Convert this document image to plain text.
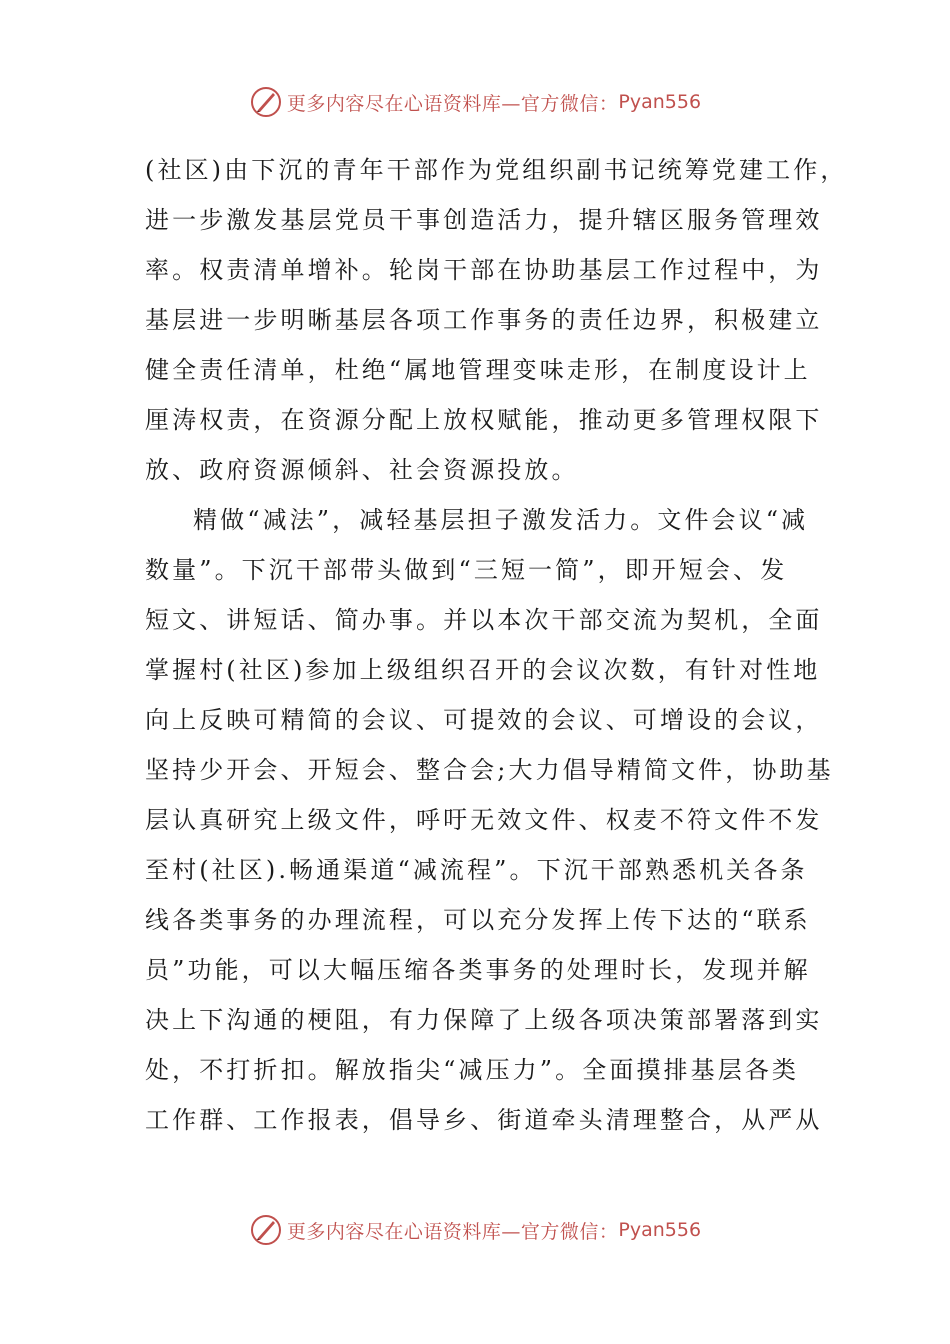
更多内容尽在心语资料库—官方微信： Pyan556
(社区)由下沉的青年干部作为党组织副书记统筹党建工作，
进一步激发基层党员干事创造活力，提升辖区服务管理效
率。权责清单增补。轮岗干部在协助基层工作过程中，为
基层进一步明晰基层各项工作事务的责任边界，积极建立
健全责任清单，杜绝“属地管理变味走形，在制度设计上
厘涛权责，在资源分配上放权赋能，推动更多管理权限下
放、政府资源倾斜、社会资源投放。
精做“减法”，减轻基层担子激发活力。文件会议“减
数量”。下沉干部带头做到“三短一简”，即开短会、发
短文、讲短话、简办事。并以本次干部交流为契机，全面
掌握村(社区)参加上级组织召开的会议次数，有针对性地
向上反映可精简的会议、可提效的会议、可增设的会议，
坚持少开会、开短会、整合会;大力倡导精简文件，协助基
层认真研究上级文件，呼吁无效文件、权麦不符文件不发
至村(社区).畅通渠道“减流程”。下沉干部熟悉机关各条
线各类事务的办理流程，可以充分发挥上传下达的“联系
员”功能，可以大幅压缩各类事务的处理时长，发现并解
决上下沟通的梗阻，有力保障了上级各项决策部署落到实
处，不打折扣。解放指尖“减压力”。全面摸排基层各类
工作群、工作报表，倡导乡、街道牵头清理整合，从严从
更多内容尽在心语资料库—官方微信： Pyan556
